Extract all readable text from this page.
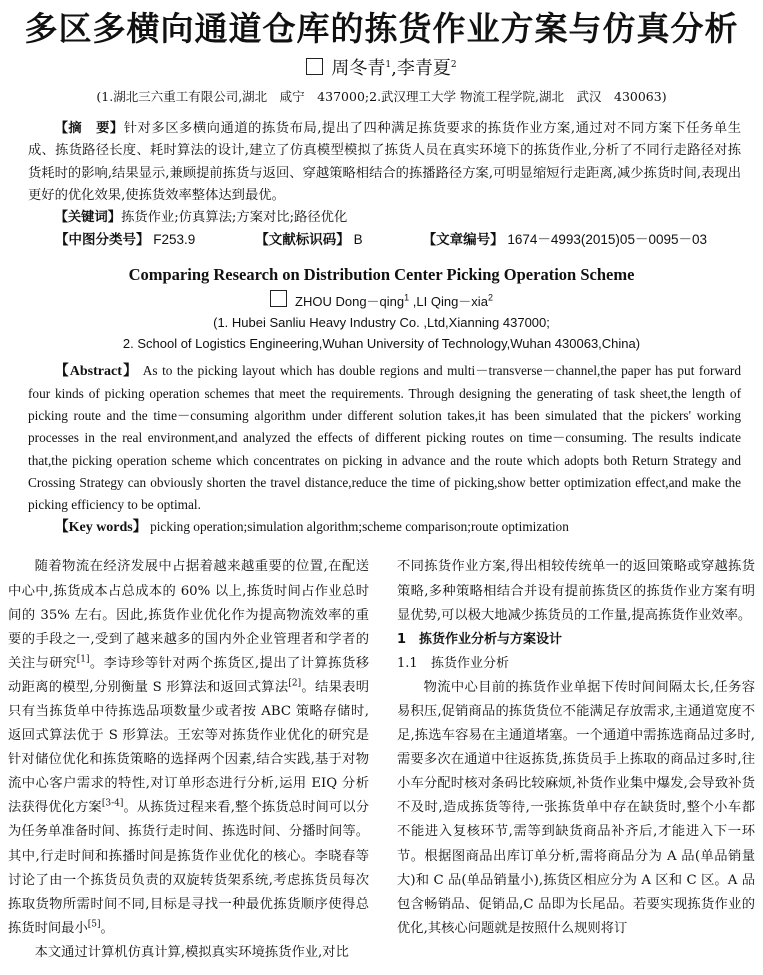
多区多横向通道仓库的拣货作业方案与仿真分析
周冬青$^1$,李青夏$^2$
(1.湖北三六重工有限公司,湖北　咸宁　437000;2.武汉理工大学 物流工程学院,湖北　武汉　430063)

【摘　要】针对多区多横向通道的拣货布局,提出了四种满足拣货要求的拣货作业方案,通过对不同方案下任务单生成、拣货路径长度、耗时算法的设计,建立了仿真模型模拟了拣货人员在真实环境下的拣货作业,分析了不同行走路径对拣货耗时的影响,结果显示,兼顾提前拣货与返回、穿越策略相结合的拣播路径方案,可明显缩短行走距离,减少拣货时间,表现出更好的优化效果,使拣货效率整体达到最优。

【关键词】拣货作业;仿真算法;方案对比;路径优化

【中图分类号】 F253.9	【文献标识码】 B	【文章编号】 1674－4993(2015)05－0095－03
Comparing Research on Distribution Center Picking Operation Scheme
ZHOU Dong－qing$^1$ ,LI Qing－xia$^2$
(1. Hubei Sanliu Heavy Industry Co. ,Ltd,Xianning 437000;
2. School of Logistics Engineering,Wuhan University of Technology,Wuhan 430063,China)

【Abstract】 As to the picking layout which has double regions and multi－transverse－channel,the paper has put forward four kinds of picking operation schemes that meet the requirements. Through designing the generating of task sheet,the length of picking route and the time－consuming algorithm under different solution takes,it has been simulated that the pickers' working processes in the real environment,and analyzed the effects of different picking routes on time－consuming. The results indicate that,the picking operation scheme which concentrates on picking in advance and the route which adopts both Return Strategy and Crossing Strategy can obviously shorten the travel distance,reduce the time of picking,show better optimization effect,and make the picking efficiency to be optimal.

【Key words】 picking operation;simulation algorithm;scheme comparison;route optimization

随着物流在经济发展中占据着越来越重要的位置,在配送中心中,拣货成本占总成本的 60% 以上,拣货时间占作业总时间的 35% 左右。因此,拣货作业优化作为提高物流效率的重要的手段之一,受到了越来越多的国内外企业管理者和学者的关注与研究[1]。李诗珍等针对两个拣货区,提出了计算拣货移动距离的模型,分别衡量 S 形算法和返回式算法[2]。结果表明只有当拣货单中待拣选品项数量少或者按 ABC 策略存储时,返回式算法优于 S 形算法。王宏等对拣货作业优化的研究是针对储位优化和拣货策略的选择两个因素,结合实践,基于对物流中心客户需求的特性,对订单形态进行分析,运用 EIQ 分析法获得优化方案[3-4]。从拣货过程来看,整个拣货总时间可以分为任务单准备时间、拣货行走时间、拣选时间、分播时间等。其中,行走时间和拣播时间是拣货作业优化的核心。李晓春等讨论了由一个拣货员负责的双旋转货架系统,考虑拣货员每次拣取货物所需时间不同,目标是寻找一种最优拣货顺序使得总拣货时间最小[5]。

本文通过计算机仿真计算,模拟真实环境拣货作业,对比

不同拣货作业方案,得出相较传统单一的返回策略或穿越拣货策略,多种策略相结合并设有提前拣货区的拣货作业方案有明显优势,可以极大地减少拣货员的工作量,提高拣货作业效率。

1 拣货作业分析与方案设计

1.1 拣货作业分析

物流中心目前的拣货作业单据下传时间间隔太长,任务容易积压,促销商品的拣货货位不能满足存放需求,主通道宽度不足,拣选车容易在主通道堵塞。一个通道中需拣选商品过多时,需要多次在通道中往返拣货,拣货员手上拣取的商品过多时,往小车分配时核对条码比较麻烦,补货作业集中爆发,会导致补货不及时,造成拣货等待,一张拣货单中存在缺货时,整个小车都不能进入复核环节,需等到缺货商品补齐后,才能进入下一环节。根据图商品出库订单分析,需将商品分为 A 品(单品销量大)和 C 品(单品销量小),拣货区相应分为 A 区和 C 区。A 品包含畅销品、促销品,C 品即为长尾品。若要实现拣货作业的优化,其核心问题就是按照什么规则将订
